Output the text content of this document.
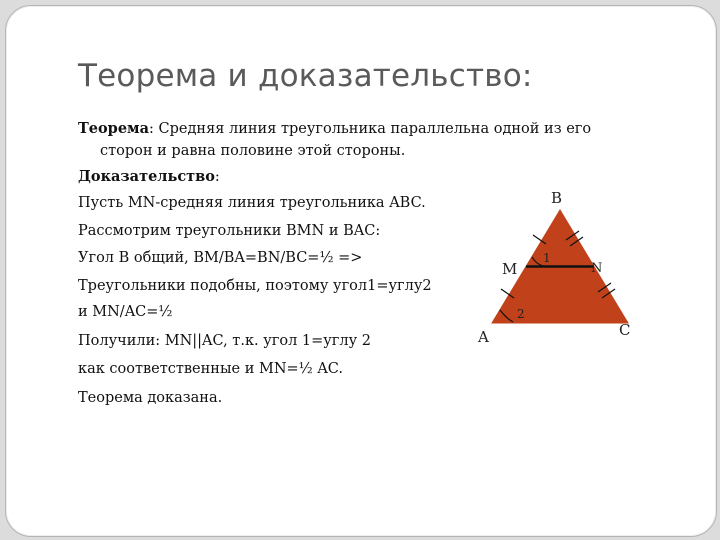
Теорема и доказательство:
Теорема: Средняя линия треугольника параллельна одной из его
сторон и равна половине этой стороны.
Доказательство:
Пусть MN-средняя линия треугольника ABC.
Рассмотрим треугольники BMN и BAC:
Угол В общий, BM/BA=BN/BC=½ =>
Треугольники подобны, поэтому угол1=углу2
и MN/AC=½
Получили: MN||AC, т.к. угол 1=углу 2
как соответственные и MN=½ AC.
Теорема доказана.
B
M	N
A	C
1
2
